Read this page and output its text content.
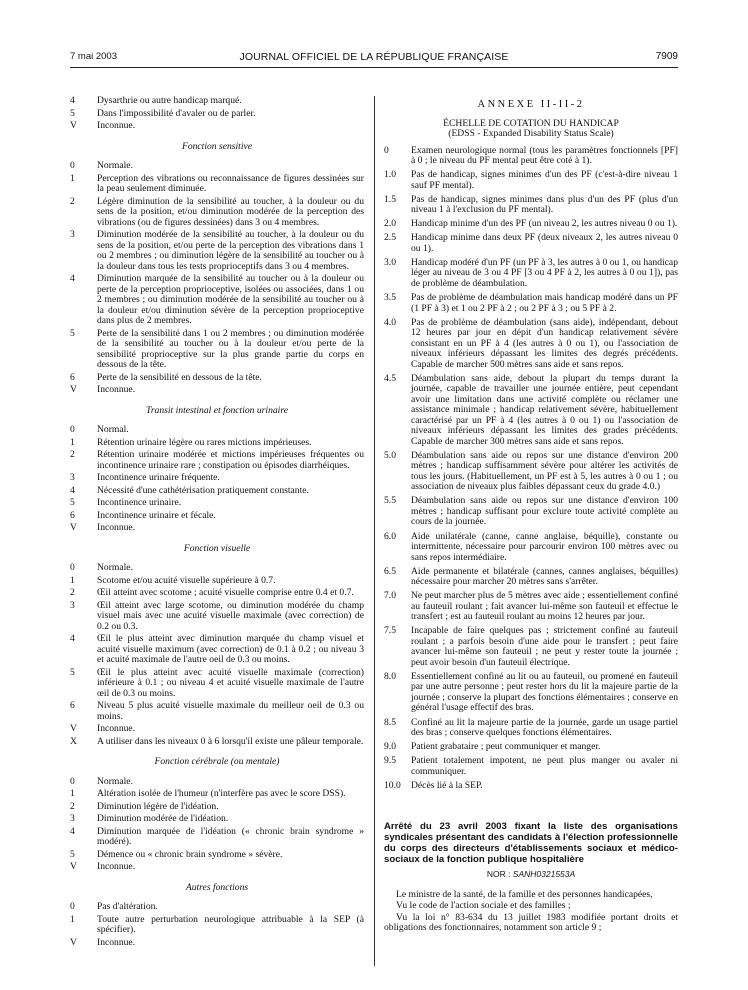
7 mai 2003	JOURNAL OFFICIEL DE LA RÉPUBLIQUE FRANÇAISE	7909
4 Dysarthrie ou autre handicap marqué.
5 Dans l'impossibilité d'avaler ou de parler.
V Inconnue.
Fonction sensitive
0 Normale.
1 Perception des vibrations ou reconnaissance de figures dessinées sur la peau seulement diminuée.
2 Légère diminution de la sensibilité au toucher, à la douleur ou du sens de la position, et/ou diminution modérée de la perception des vibrations (ou de figures dessinées) dans 3 ou 4 membres.
3 Diminution modérée de la sensibilité au toucher, à la douleur ou du sens de la position, et/ou perte de la perception des vibrations dans 1 ou 2 membres ; ou diminution légère de la sensibilité au toucher ou à la douleur dans tous les tests proprioceptifs dans 3 ou 4 membres.
4 Diminution marquée de la sensibilité au toucher ou à la douleur ou perte de la perception proprioceptive, isolées ou associées, dans 1 ou 2 membres ; ou diminution modérée de la sensibilité au toucher ou à la douleur et/ou diminution sévère de la perception proprioceptive dans plus de 2 membres.
5 Perte de la sensibilité dans 1 ou 2 membres ; ou diminution modérée de la sensibilité au toucher ou à la douleur et/ou perte de la sensibilité proprioceptive sur la plus grande partie du corps en dessous de la tête.
6 Perte de la sensibilité en dessous de la tête.
V Inconnue.
Transit intestinal et fonction urinaire
0 Normal.
1 Rétention urinaire légère ou rares mictions impérieuses.
2 Rétention urinaire modérée et mictions impérieuses fréquentes ou incontinence urinaire rare ; constipation ou épisodes diarrhéiques.
3 Incontinence urinaire fréquente.
4 Nécessité d'une cathétérisation pratiquement constante.
5 Incontinence urinaire.
6 Incontinence urinaire et fécale.
V Inconnue.
Fonction visuelle
0 Normale.
1 Scotome et/ou acuité visuelle supérieure à 0.7.
2 Œil atteint avec scotome ; acuité visuelle comprise entre 0.4 et 0.7.
3 Œil atteint avec large scotome, ou diminution modérée du champ visuel mais avec une acuité visuelle maximale (avec correction) de 0.2 ou 0.3.
4 Œil le plus atteint avec diminution marquée du champ visuel et acuité visuelle maximum (avec correction) de 0.1 à 0.2 ; ou niveau 3 et acuité maximale de l'autre oeil de 0.3 ou moins.
5 Œil le plus atteint avec acuité visuelle maximale (correction) inférieure à 0.1 ; ou niveau 4 et acuité visuelle maximale de l'autre œil de 0.3 ou moins.
6 Niveau 5 plus acuité visuelle maximale du meilleur oeil de 0.3 ou moins.
V Inconnue.
X A utiliser dans les niveaux 0 à 6 lorsqu'il existe une pâleur temporale.
Fonction cérébrale (ou mentale)
0 Normale.
1 Altération isolée de l'humeur (n'interfère pas avec le score DSS).
2 Diminution légère de l'idéation.
3 Diminution modérée de l'idéation.
4 Diminution marquée de l'idéation (« chronic brain syndrome » modéré).
5 Démence ou « chronic brain syndrome » sévère.
V Inconnue.
Autres fonctions
0 Pas d'altération.
1 Toute autre perturbation neurologique attribuable à la SEP (à spécifier).
V Inconnue.
ANNEXE II-II-2
ÉCHELLE DE COTATION DU HANDICAP
(EDSS - Expanded Disability Status Scale)
0 Examen neurologique normal (tous les paramètres fonctionnels [PF] à 0 ; le niveau du PF mental peut être coté à 1).
1.0 Pas de handicap, signes minimes d'un des PF (c'est-à-dire niveau 1 sauf PF mental).
1.5 Pas de handicap, signes minimes dans plus d'un des PF (plus d'un niveau 1 à l'exclusion du PF mental).
2.0 Handicap minime d'un des PF (un niveau 2, les autres niveau 0 ou 1).
2.5 Handicap minime dans deux PF (deux niveaux 2, les autres niveau 0 ou 1).
3.0 Handicap modéré d'un PF (un PF à 3, les autres à 0 ou 1, ou handicap léger au niveau de 3 ou 4 PF [3 ou 4 PF à 2, les autres à 0 ou 1]), pas de problème de déambulation.
3.5 Pas de problème de déambulation mais handicap modéré dans un PF (1 PF à 3) et 1 ou 2 PF à 2 ; ou 2 PF à 3 ; ou 5 PF à 2.
4.0 Pas de problème de déambulation (sans aide), indépendant, debout 12 heures par jour en dépit d'un handicap relativement sévère consistant en un PF à 4 (les autres à 0 ou 1), ou l'association de niveaux inférieurs dépassant les limites des degrés précédents. Capable de marcher 500 mètres sans aide et sans repos.
4.5 Déambulation sans aide, debout la plupart du temps durant la journée, capable de travailler une journée entière, peut cependant avoir une limitation dans une activité complète ou réclamer une assistance minimale ; handicap relativement sévère, habituellement caractérisé par un PF à 4 (les autres à 0 ou 1) ou l'association de niveaux inférieurs dépassant les limites des grades précédents. Capable de marcher 300 mètres sans aide et sans repos.
5.0 Déambulation sans aide ou repos sur une distance d'environ 200 mètres ; handicap suffisamment sévère pour altérer les activités de tous les jours. (Habituellement, un PF est à 5, les autres à 0 ou 1 ; ou association de niveaux plus faibles dépassant ceux du grade 4.0.)
5.5 Déambulation sans aide ou repos sur une distance d'environ 100 mètres ; handicap suffisant pour exclure toute activité complète au cours de la journée.
6.0 Aide unilatérale (canne, canne anglaise, béquille), constante ou intermittente, nécessaire pour parcourir environ 100 mètres avec ou sans repos intermédiaire.
6.5 Aide permanente et bilatérale (cannes, cannes anglaises, béquilles) nécessaire pour marcher 20 mètres sans s'arrêter.
7.0 Ne peut marcher plus de 5 mètres avec aide ; essentiellement confiné au fauteuil roulant ; fait avancer lui-même son fauteuil et effectue le transfert ; est au fauteuil roulant au moins 12 heures par jour.
7.5 Incapable de faire quelques pas ; strictement confiné au fauteuil roulant ; a parfois besoin d'une aide pour le transfert ; peut faire avancer lui-même son fauteuil ; ne peut y rester toute la journée ; peut avoir besoin d'un fauteuil électrique.
8.0 Essentiellement confiné au lit ou au fauteuil, ou promené en fauteuil par une autre personne ; peut rester hors du lit la majeure partie de la journée ; conserve la plupart des fonctions élémentaires ; conserve en général l'usage effectif des bras.
8.5 Confiné au lit la majeure partie de la journée, garde un usage partiel des bras ; conserve quelques fonctions élémentaires.
9.0 Patient grabataire ; peut communiquer et manger.
9.5 Patient totalement impotent, ne peut plus manger ou avaler ni communiquer.
10.0 Décès lié à la SEP.
Arrêté du 23 avril 2003 fixant la liste des organisations syndicales présentant des candidats à l'élection professionnelle du corps des directeurs d'établissements sociaux et médico-sociaux de la fonction publique hospitalière
NOR : SANH0321553A
Le ministre de la santé, de la famille et des personnes handicapées,
Vu le code de l'action sociale et des familles ;
Vu la loi n° 83-634 du 13 juillet 1983 modifiée portant droits et obligations des fonctionnaires, notamment son article 9 ;
